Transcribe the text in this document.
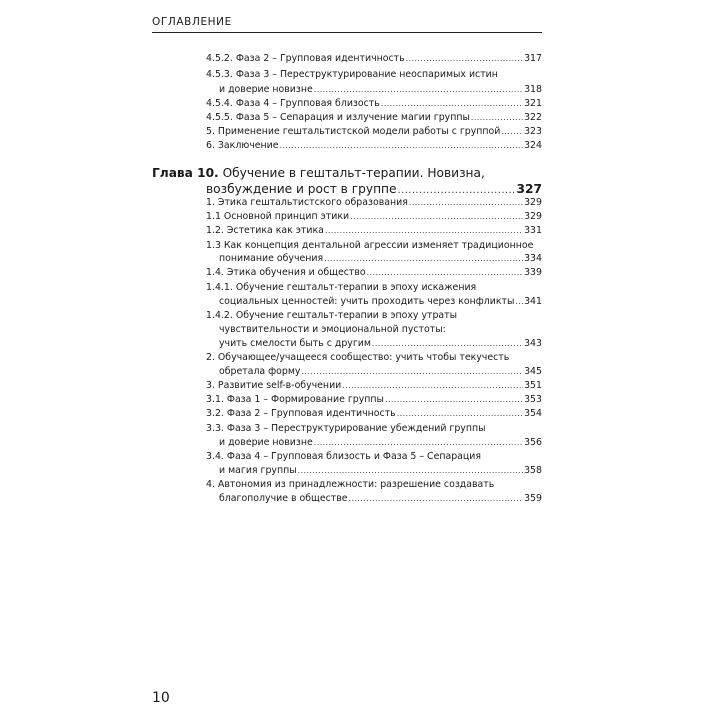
ОГЛАВЛЕНИЕ
4.5.2. Фаза 2 – Групповая идентичность .....	317
4.5.3. Фаза 3 – Переструктурирование неоспаримых истин
и доверие новизне .....	318
4.5.4. Фаза 4 – Групповая близость .....	321
4.5.5. Фаза 5 – Сепарация и излучение магии группы .....	322
5. Применение гештальтистской модели работы с группой .....	323
6. Заключение .....	324
Глава 10.
Обучение в гештальт-терапии. Новизна,
возбуждение и рост в группе .....	327
1. Этика гештальтистского образования .....	329
1.1 Основной принцип этики .....	329
1.2. Эстетика как этика .....	331
1.3 Как концепция дентальной агрессии изменяет традиционное
понимание обучения .....	334
1.4. Этика обучения и общество .....	339
1.4.1. Обучение гештальт-терапии в эпоху искажения
социальных ценностей: учить проходить через конфликты ..... 341
1.4.2. Обучение гештальт-терапии в эпоху утраты
чувствительности и эмоциональной пустоты:
учить смелости быть с другим .....	343
2. Обучающее/учащееся сообщество: учить чтобы текучесть
обретала форму .....	345
3. Развитие self-в-обучении .....	351
3.1. Фаза 1 – Формирование группы .....	353
3.2. Фаза 2 – Групповая идентичность .....	354
3.3. Фаза 3 – Переструктурирование убеждений группы
и доверие новизне .....	356
3.4. Фаза 4 – Групповая близость и Фаза 5 – Сепарация
и магия группы .....	358
4. Автономия из принадлежности: разрешение создавать
благополучие в обществе .....	359
10
